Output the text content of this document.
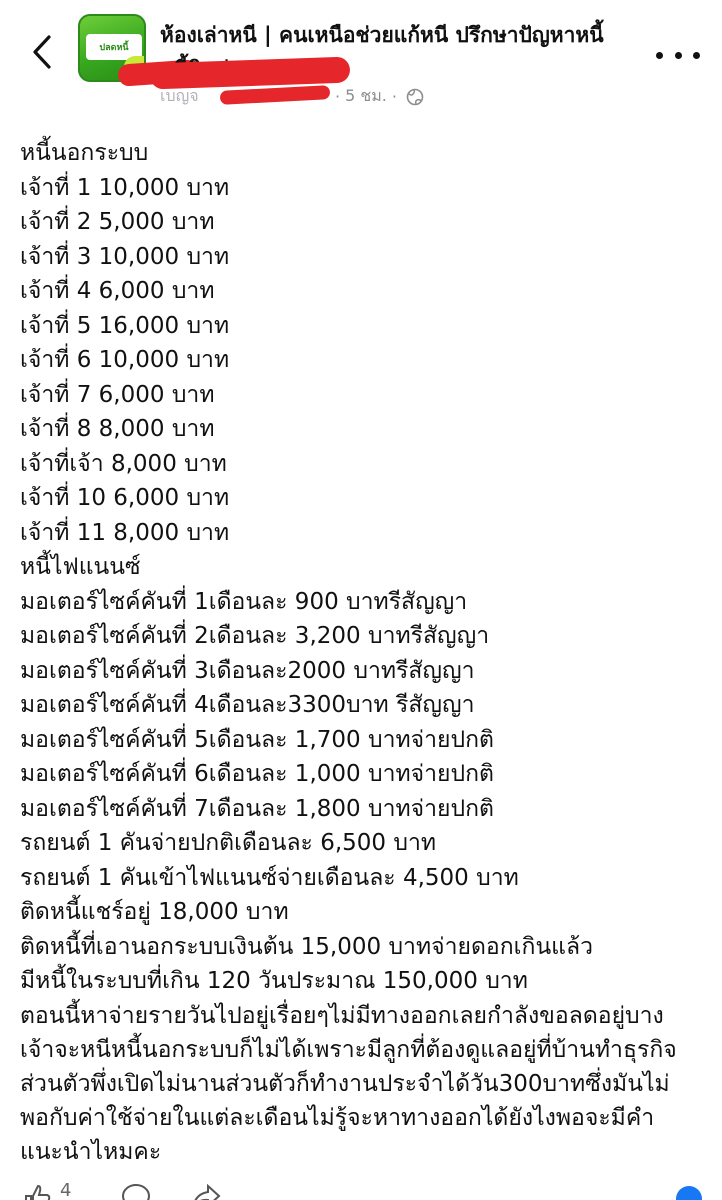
ปลดหนี้
ห้องเล่าหนี | คนเหนือช่วยแก้หนี ปรึกษาปัญหาหนี้
เบญจ	· 5 ชม. ·
หนี้นอกระบบ
เจ้าที่ 1 10,000 บาท
เจ้าที่ 2 5,000 บาท
เจ้าที่ 3 10,000 บาท
เจ้าที่ 4 6,000 บาท
เจ้าที่ 5 16,000 บาท
เจ้าที่ 6 10,000 บาท
เจ้าที่ 7 6,000 บาท
เจ้าที่ 8 8,000 บาท
เจ้าที่เจ้า 8,000 บาท
เจ้าที่ 10 6,000 บาท
เจ้าที่ 11 8,000 บาท
หนี้ไฟแนนซ์
มอเตอร์ไซค์คันที่ 1เดือนละ 900 บาทรีสัญญา
มอเตอร์ไซค์คันที่ 2เดือนละ 3,200 บาทรีสัญญา
มอเตอร์ไซค์คันที่ 3เดือนละ2000 บาทรีสัญญา
มอเตอร์ไซค์คันที่ 4เดือนละ3300บาท รีสัญญา
มอเตอร์ไซค์คันที่ 5เดือนละ 1,700 บาทจ่ายปกติ
มอเตอร์ไซค์คันที่ 6เดือนละ 1,000 บาทจ่ายปกติ
มอเตอร์ไซค์คันที่ 7เดือนละ 1,800 บาทจ่ายปกติ
รถยนต์ 1 คันจ่ายปกติเดือนละ 6,500 บาท
รถยนต์ 1 คันเข้าไฟแนนซ์จ่ายเดือนละ 4,500 บาท
ติดหนี้แชร์อยู่ 18,000 บาท
ติดหนี้ที่เอานอกระบบเงินต้น 15,000 บาทจ่ายดอกเกินแล้ว
มีหนี้ในระบบที่เกิน 120 วันประมาณ 150,000 บาท
ตอนนี้หาจ่ายรายวันไปอยู่เรื่อยๆไม่มีทางออกเลยกำลังขอลดอยู่บาง
เจ้าจะหนีหนี้นอกระบบก็ไม่ได้เพราะมีลูกที่ต้องดูแลอยู่ที่บ้านทำธุรกิจ
ส่วนตัวพึ่งเปิดไม่นานส่วนตัวก็ทำงานประจำได้วัน300บาทซึ่งมันไม่
พอกับค่าใช้จ่ายในแต่ละเดือนไม่รู้จะหาทางออกได้ยังไงพอจะมีคำ
แนะนำไหมคะ
4
